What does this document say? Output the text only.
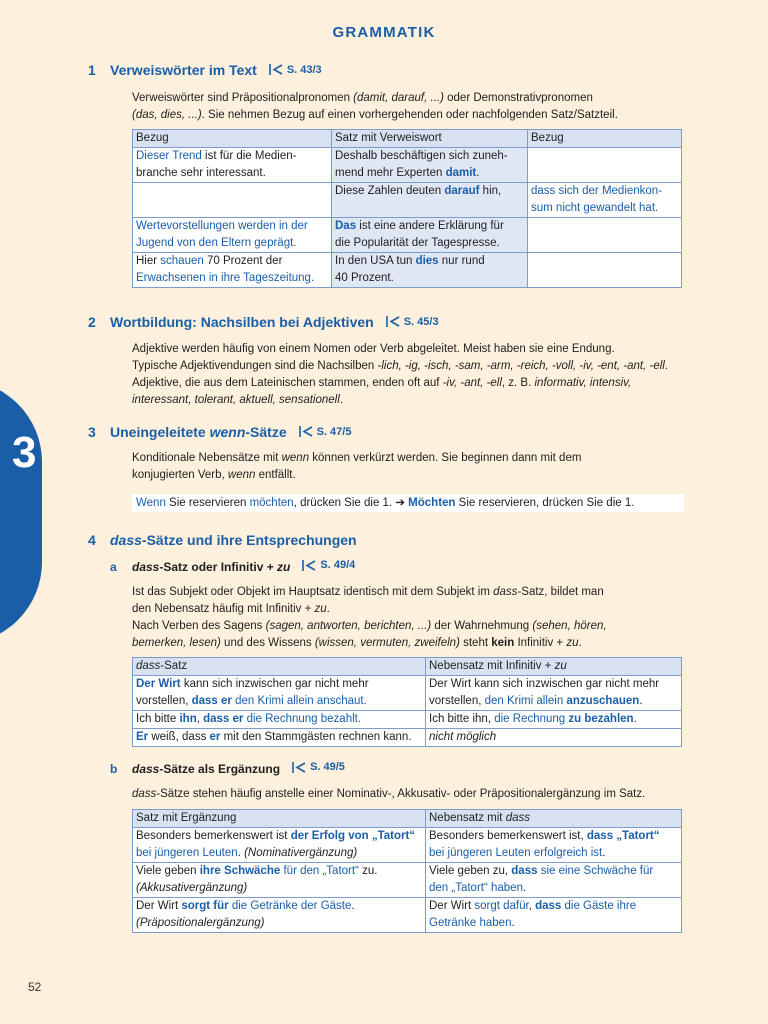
3
GRAMMATIK
1	Verweiswörter im Text	S. 43/3
Verweiswörter sind Präpositionalpronomen (damit, darauf, ...) oder Demonstrativpronomen
(das, dies, ...). Sie nehmen Bezug auf einen vorhergehenden oder nachfolgenden Satz/Satzteil.
Bezug	Satz mit Verweiswort	Bezug
Dieser Trend ist für die Medien-
branche sehr interessant.	Deshalb beschäftigen sich zuneh-
mend mehr Experten damit.	
	Diese Zahlen deuten darauf hin,	dass sich der Medienkon-
sum nicht gewandelt hat.
Wertevorstellungen werden in der
Jugend von den Eltern geprägt.	Das ist eine andere Erklärung für
die Popularität der Tagespresse.	
Hier schauen 70 Prozent der
Erwachsenen in ihre Tageszeitung.	In den USA tun dies nur rund
40 Prozent.	
2	Wortbildung: Nachsilben bei Adjektiven	S. 45/3
Adjektive werden häufig von einem Nomen oder Verb abgeleitet. Meist haben sie eine Endung.
Typische Adjektivendungen sind die Nachsilben -lich, -ig, -isch, -sam, -arm, -reich, -voll, -iv, -ent, -ant, -ell.
Adjektive, die aus dem Lateinischen stammen, enden oft auf -iv, -ant, -ell, z. B. informativ, intensiv,
interessant, tolerant, aktuell, sensationell.
3	Uneingeleitete wenn-Sätze	S. 47/5
Konditionale Nebensätze mit wenn können verkürzt werden. Sie beginnen dann mit dem
konjugierten Verb, wenn entfällt.
Wenn Sie reservieren möchten, drücken Sie die 1. ➔ Möchten Sie reservieren, drücken Sie die 1.
4	dass-Sätze und ihre Entsprechungen
a	dass-Satz oder Infinitiv + zu	S. 49/4
Ist das Subjekt oder Objekt im Hauptsatz identisch mit dem Subjekt im dass-Satz, bildet man
den Nebensatz häufig mit Infinitiv + zu.
Nach Verben des Sagens (sagen, antworten, berichten, ...) der Wahrnehmung (sehen, hören,
bemerken, lesen) und des Wissens (wissen, vermuten, zweifeln) steht kein Infinitiv + zu.
dass-Satz	Nebensatz mit Infinitiv + zu
Der Wirt kann sich inzwischen gar nicht mehr
vorstellen, dass er den Krimi allein anschaut.	Der Wirt kann sich inzwischen gar nicht mehr
vorstellen, den Krimi allein anzuschauen.
Ich bitte ihn, dass er die Rechnung bezahlt.	Ich bitte ihn, die Rechnung zu bezahlen.
Er weiß, dass er mit den Stammgästen rechnen kann.	nicht möglich
b	dass-Sätze als Ergänzung	S. 49/5
dass-Sätze stehen häufig anstelle einer Nominativ-, Akkusativ- oder Präpositionalergänzung im Satz.
Satz mit Ergänzung	Nebensatz mit dass
Besonders bemerkenswert ist der Erfolg von „Tatort“
bei jüngeren Leuten. (Nominativergänzung)	Besonders bemerkenswert ist, dass „Tatort“
bei jüngeren Leuten erfolgreich ist.
Viele geben ihre Schwäche für den „Tatort“ zu.
(Akkusativergänzung)	Viele geben zu, dass sie eine Schwäche für
den „Tatort“ haben.
Der Wirt sorgt für die Getränke der Gäste.
(Präpositionalergänzung)	Der Wirt sorgt dafür, dass die Gäste ihre
Getränke haben.
52
